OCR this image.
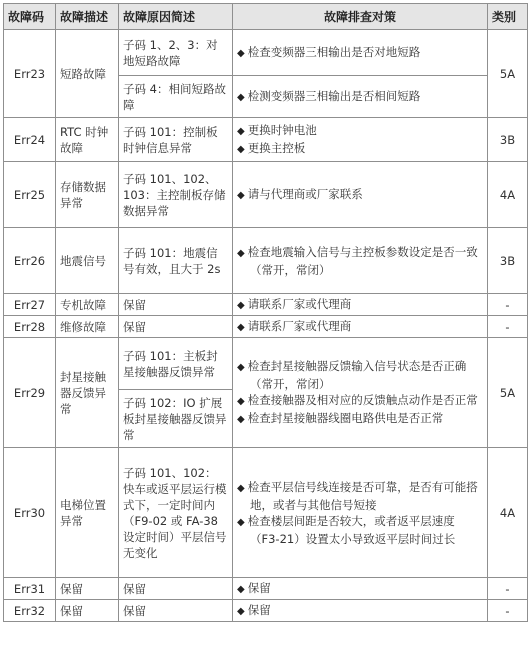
故障码	故障描述	故障原因简述	故障排查对策	类别
Err23	短路故障	子码 1、2、3：对地短路故障	◆ 检查变频器三相输出是否对地短路	5A
		子码 4：相间短路故障	◆ 检测变频器三相输出是否相间短路	

Err24	RTC 时钟故障	子码 101：控制板时钟信息异常	◆ 更换时钟电池
◆ 更换主控板	3B
Err25	存储数据异常	子码 101、102、103：主控制板存储数据异常	◆ 请与代理商或厂家联系	4A
Err26	地震信号	子码 101：地震信号有效，且大于 2s	◆ 检查地震输入信号与主控板参数设定是否一致（常开，常闭）	3B
Err27	专机故障	保留	◆ 请联系厂家或代理商	-
Err28	维修故障	保留	◆ 请联系厂家或代理商	-
Err29	封星接触器反馈异常	子码 101：主板封星接触器反馈异常	◆ 检查封星接触器反馈输入信号状态是否正确（常开，常闭）
◆ 检查接触器及相对应的反馈触点动作是否正常
◆ 检查封星接触器线圈电路供电是否正常	5A
		子码 102：IO 扩展板封星接触器反馈异常		
Err30	电梯位置异常	子码 101、102：快车或返平层运行模式下，一定时间内（F9-02 或 FA-38 设定时间）平层信号无变化	◆ 检查平层信号线连接是否可靠，是否有可能搭地，或者与其他信号短接
◆ 检查楼层间距是否较大，或者返平层速度（F3-21）设置太小导致返平层时间过长	4A
Err31	保留	保留	◆ 保留	-
Err32	保留	保留	◆ 保留	-
